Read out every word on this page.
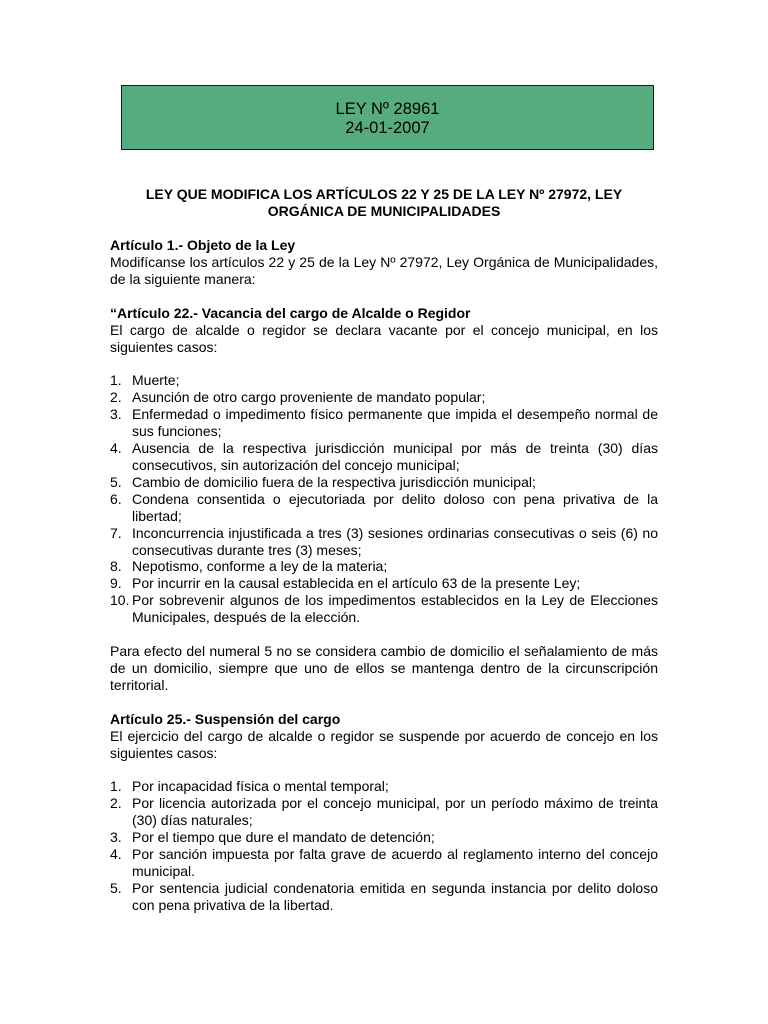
LEY Nº 28961
24-01-2007
LEY QUE MODIFICA LOS ARTÍCULOS 22 Y 25 DE LA LEY Nº 27972, LEY ORGÁNICA DE MUNICIPALIDADES

Artículo 1.- Objeto de la Ley

Modifícanse los artículos 22 y 25 de la Ley Nº 27972, Ley Orgánica de Municipalidades, de la siguiente manera:

“Artículo 22.- Vacancia del cargo de Alcalde o Regidor

El cargo de alcalde o regidor se declara vacante por el concejo municipal, en los siguientes casos:

1. Muerte;
2. Asunción de otro cargo proveniente de mandato popular;
3. Enfermedad o impedimento físico permanente que impida el desempeño normal de sus funciones;
4. Ausencia de la respectiva jurisdicción municipal por más de treinta (30) días consecutivos, sin autorización del concejo municipal;
5. Cambio de domicilio fuera de la respectiva jurisdicción municipal;
6. Condena consentida o ejecutoriada por delito doloso con pena privativa de la libertad;
7. Inconcurrencia injustificada a tres (3) sesiones ordinarias consecutivas o seis (6) no consecutivas durante tres (3) meses;
8. Nepotismo, conforme a ley de la materia;
9. Por incurrir en la causal establecida en el artículo 63 de la presente Ley;
10. Por sobrevenir algunos de los impedimentos establecidos en la Ley de Elecciones Municipales, después de la elección.

Para efecto del numeral 5 no se considera cambio de domicilio el señalamiento de más de un domicilio, siempre que uno de ellos se mantenga dentro de la circunscripción territorial.

Artículo 25.- Suspensión del cargo

El ejercicio del cargo de alcalde o regidor se suspende por acuerdo de concejo en los siguientes casos:

1. Por incapacidad física o mental temporal;
2. Por licencia autorizada por el concejo municipal, por un período máximo de treinta (30) días naturales;
3. Por el tiempo que dure el mandato de detención;
4. Por sanción impuesta por falta grave de acuerdo al reglamento interno del concejo municipal.
5. Por sentencia judicial condenatoria emitida en segunda instancia por delito doloso con pena privativa de la libertad.
